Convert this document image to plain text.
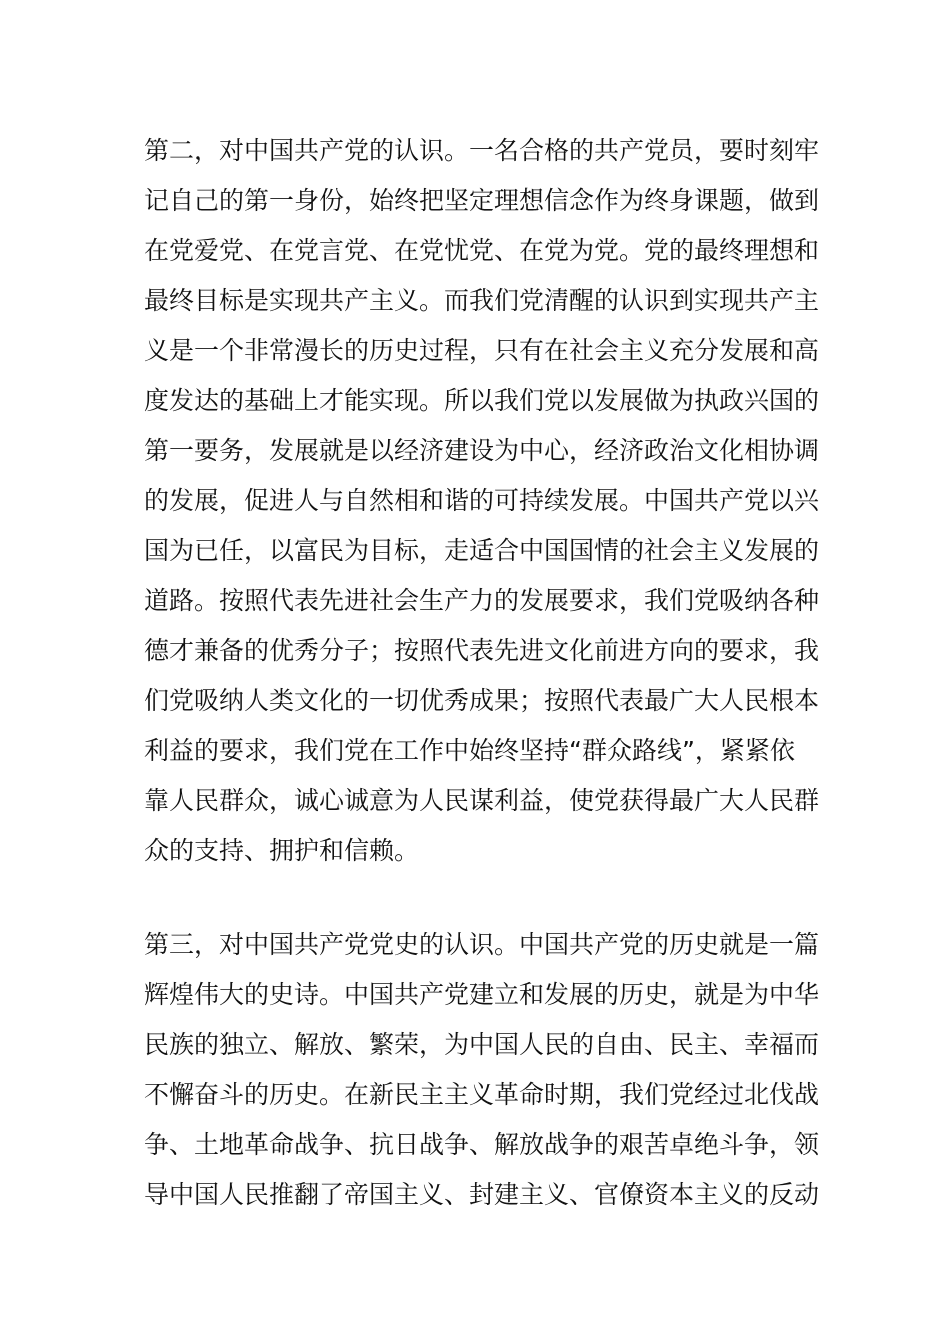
第二，对中国共产党的认识。一名合格的共产党员，要时刻牢
记自己的第一身份，始终把坚定理想信念作为终身课题，做到
在党爱党、在党言党、在党忧党、在党为党。党的最终理想和
最终目标是实现共产主义。而我们党清醒的认识到实现共产主
义是一个非常漫长的历史过程，只有在社会主义充分发展和高
度发达的基础上才能实现。所以我们党以发展做为执政兴国的
第一要务，发展就是以经济建设为中心，经济政治文化相协调
的发展，促进人与自然相和谐的可持续发展。中国共产党以兴
国为已任，以富民为目标，走适合中国国情的社会主义发展的
道路。按照代表先进社会生产力的发展要求，我们党吸纳各种
德才兼备的优秀分子；按照代表先进文化前进方向的要求，我
们党吸纳人类文化的一切优秀成果；按照代表最广大人民根本
利益的要求，我们党在工作中始终坚持“群众路线”，紧紧依
靠人民群众，诚心诚意为人民谋利益，使党获得最广大人民群
众的支持、拥护和信赖。
第三，对中国共产党党史的认识。中国共产党的历史就是一篇
辉煌伟大的史诗。中国共产党建立和发展的历史，就是为中华
民族的独立、解放、繁荣，为中国人民的自由、民主、幸福而
不懈奋斗的历史。在新民主主义革命时期，我们党经过北伐战
争、土地革命战争、抗日战争、解放战争的艰苦卓绝斗争，领
导中国人民推翻了帝国主义、封建主义、官僚资本主义的反动
